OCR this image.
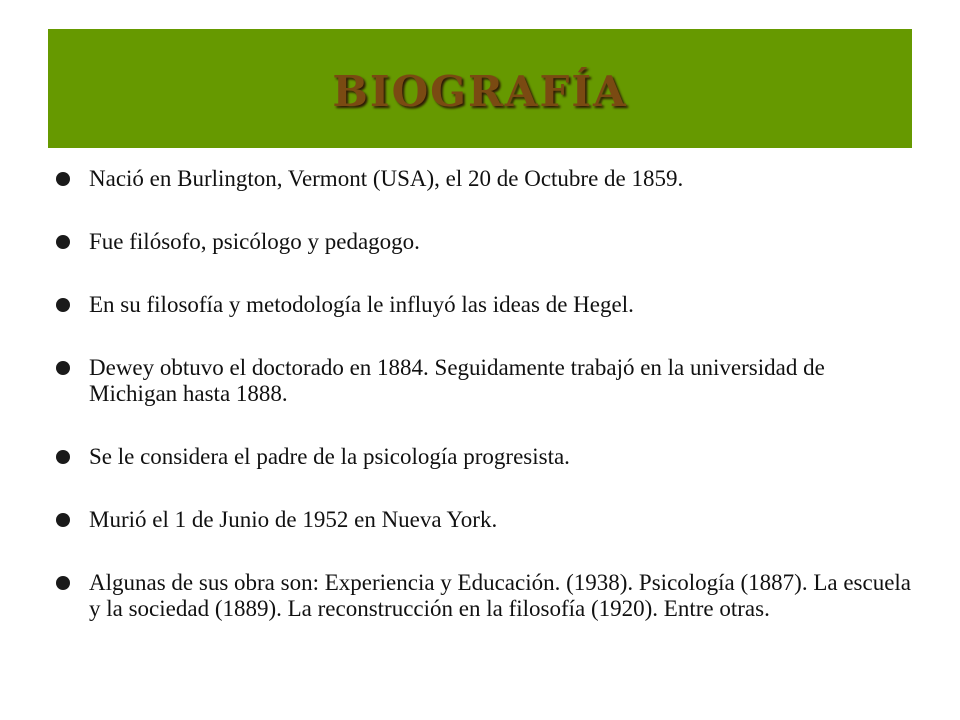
BIOGRAFÍA
Nació en Burlington, Vermont (USA), el 20 de Octubre de 1859.
Fue filósofo, psicólogo y pedagogo.
En su filosofía y metodología le influyó las ideas de Hegel.
Dewey obtuvo el doctorado en 1884. Seguidamente trabajó en la universidad de Michigan hasta 1888.
Se le considera el padre de la psicología progresista.
Murió el 1 de Junio de 1952 en Nueva York.
Algunas de sus obra son: Experiencia y Educación. (1938). Psicología (1887). La escuela y la sociedad (1889). La reconstrucción en la filosofía (1920). Entre otras.
